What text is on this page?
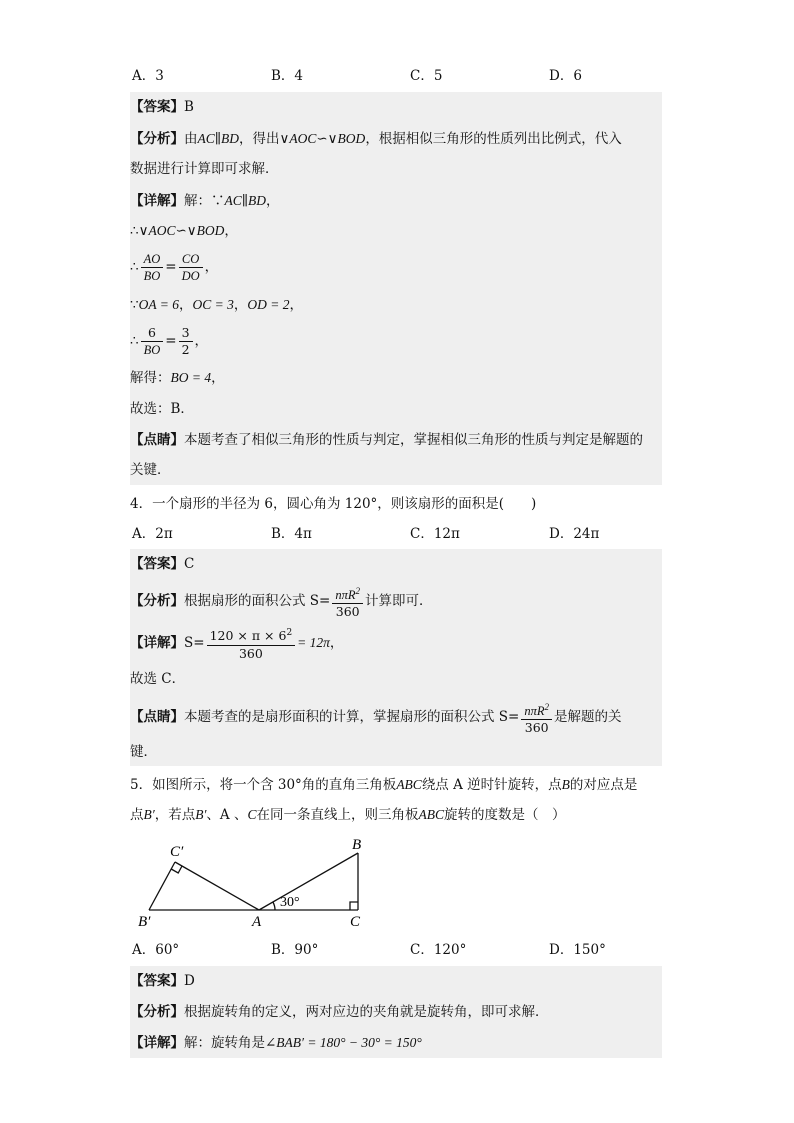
A．3	B．4	C．5	D．6
【答案】B
【分析】由AC∥BD，得出∨AOC∽∨BOD，根据相似三角形的性质列出比例式，代入
数据进行计算即可求解．
【详解】解：∵AC∥BD，
∴∨AOC∽∨BOD，
∴ $\frac{AO}{BO} = \frac{CO}{DO}$ ，
∵OA = 6，OC = 3，OD = 2，
∴ $\frac{6}{BO} = \frac{3}{2}$ ，
解得：BO = 4，
故选：B．
【点睛】本题考查了相似三角形的性质与判定，掌握相似三角形的性质与判定是解题的
关键．
4．一个扇形的半径为 6，圆心角为 120°，则该扇形的面积是(　　)
A．2π	B．4π	C．12π	D．24π
【答案】C
【分析】根据扇形的面积公式 $S= \frac{n\pi R^2}{360}$ 计算即可．
【详解】$S= \frac{120 \times \pi \times 6^2}{360} = 12\pi$，
故选 C．
【点睛】本题考查的是扇形面积的计算，掌握扇形的面积公式 $S= \frac{n\pi R^2}{360}$ 是解题的关
键．
5．如图所示，将一个含 30°角的直角三角板ABC绕点 A 逆时针旋转，点B的对应点是
点B′，若点B′、A 、C在同一条直线上，则三角板ABC旋转的度数是（　）
C′	B
B′	A	C
30°
A．60°	B．90°	C．120°	D．150°
【答案】D
【分析】根据旋转角的定义，两对应边的夹角就是旋转角，即可求解．
【详解】解：旋转角是∠BAB′ = 180° − 30° = 150°
